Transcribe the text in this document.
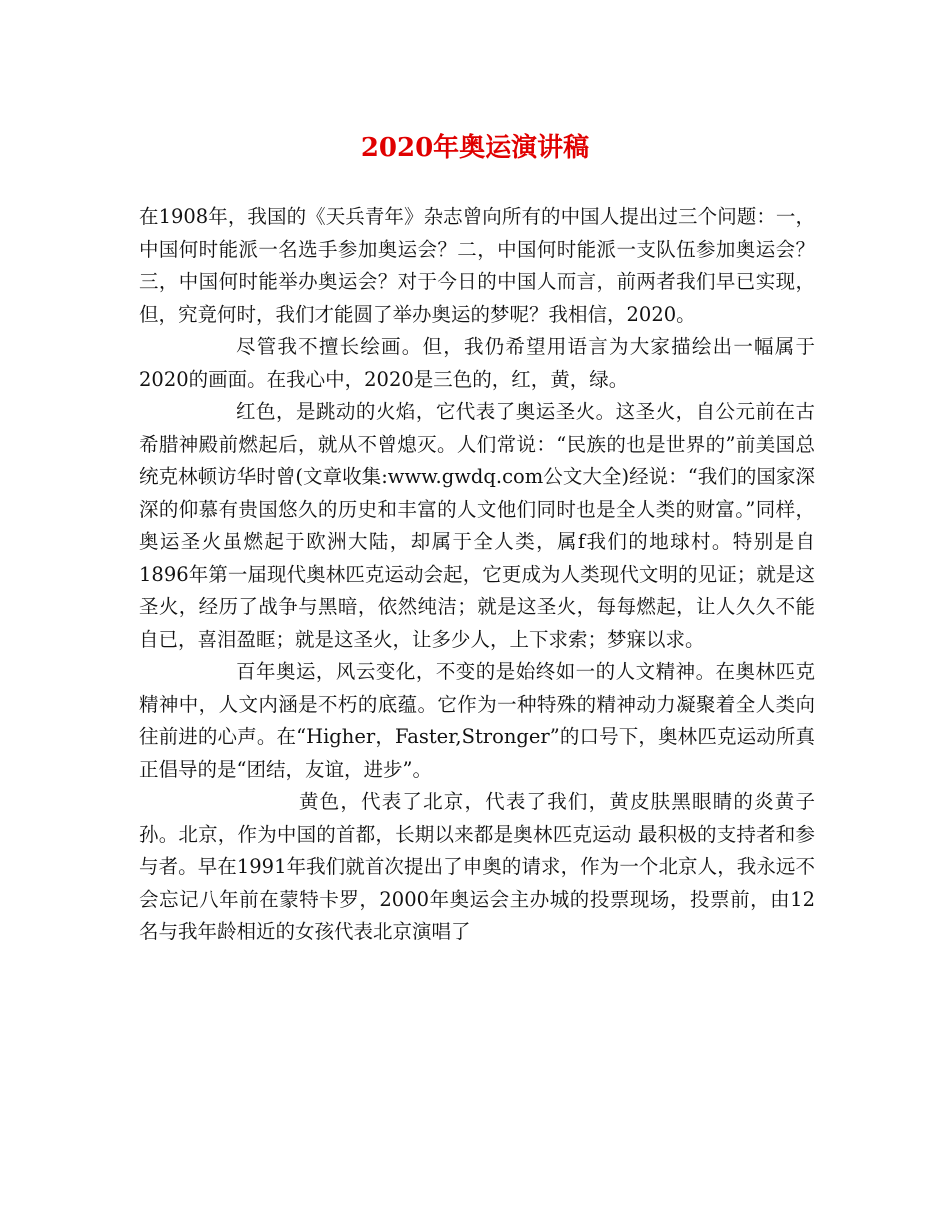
2020年奥运演讲稿

在1908年，我国的《天兵青年》杂志曾向所有的中国人提出过三个问题：一，中国何时能派一名选手参加奥运会？二，中国何时能派一支队伍参加奥运会？三，中国何时能举办奥运会？对于今日的中国人而言，前两者我们早已实现，但，究竟何时，我们才能圆了举办奥运的梦呢？我相信，2020。

尽管我不擅长绘画。但，我仍希望用语言为大家描绘出一幅属于2020的画面。在我心中，2020是三色的，红，黄，绿。

红色，是跳动的火焰，它代表了奥运圣火。这圣火，自公元前在古希腊神殿前燃起后，就从不曾熄灭。人们常说：“民族的也是世界的”前美国总统克林顿访华时曾(文章收集:www.gwdq.com公文大全)经说：“我们的国家深深的仰慕有贵国悠久的历史和丰富的人文他们同时也是全人类的财富。”同样，奥运圣火虽燃起于欧洲大陆，却属于全人类，属f我们的地球村。特别是自1896年第一届现代奥林匹克运动会起，它更成为人类现代文明的见证；就是这圣火，经历了战争与黑暗，依然纯洁；就是这圣火，每每燃起，让人久久不能自已，喜泪盈眶；就是这圣火，让多少人，上下求索；梦寐以求。

百年奥运，风云变化，不变的是始终如一的人文精神。在奥林匹克精神中，人文内涵是不朽的底蕴。它作为一种特殊的精神动力凝聚着全人类向往前进的心声。在“Higher，Faster,Stronger”的口号下，奥林匹克运动所真正倡导的是“团结，友谊，进步”。

黄色，代表了北京，代表了我们，黄皮肤黑眼睛的炎黄子孙。北京，作为中国的首都，长期以来都是奥林匹克运动 最积极的支持者和参与者。早在1991年我们就首次提出了申奥的请求，作为一个北京人，我永远不会忘记八年前在蒙特卡罗，2000年奥运会主办城的投票现场，投票前，由12名与我年龄相近的女孩代表北京演唱了
